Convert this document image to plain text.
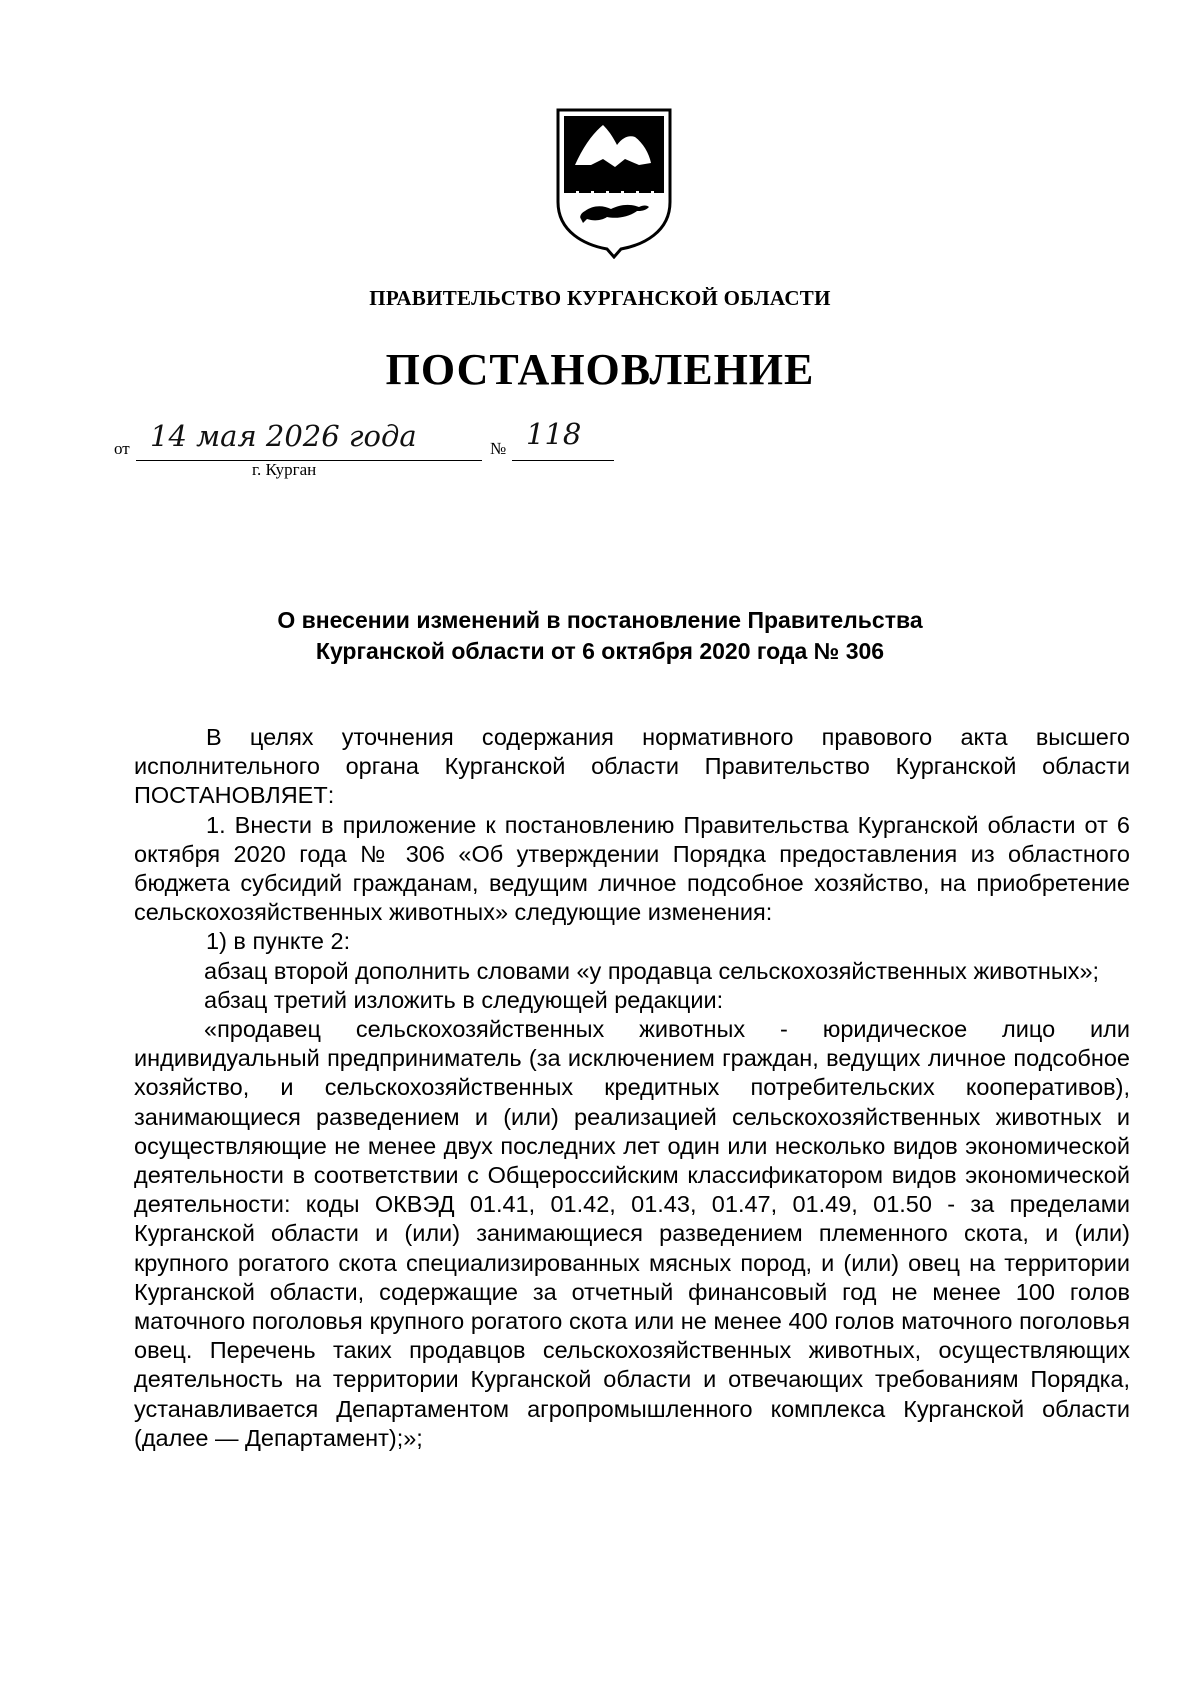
ПРАВИТЕЛЬСТВО КУРГАНСКОЙ ОБЛАСТИ
ПОСТАНОВЛЕНИЕ
от 14 мая 2026 года	№ 118
г. Курган
О внесении изменений в постановление Правительства
Курганской области от 6 октября 2020 года № 306

В целях уточнения содержания нормативного правового акта высшего исполнительного органа Курганской области Правительство Курганской области ПОСТАНОВЛЯЕТ:

1. Внести в приложение к постановлению Правительства Курганской области от 6 октября 2020 года № 306 «Об утверждении Порядка предоставления из областного бюджета субсидий гражданам, ведущим личное подсобное хозяйство, на приобретение сельскохозяйственных животных» следующие изменения:

1) в пункте 2:

абзац второй дополнить словами «у продавца сельскохозяйственных животных»;

абзац третий изложить в следующей редакции:

«продавец сельскохозяйственных животных - юридическое лицо или индивидуальный предприниматель (за исключением граждан, ведущих личное подсобное хозяйство, и сельскохозяйственных кредитных потребительских кооперативов), занимающиеся разведением и (или) реализацией сельскохозяйственных животных и осуществляющие не менее двух последних лет один или несколько видов экономической деятельности в соответствии с Общероссийским классификатором видов экономической деятельности: коды ОКВЭД 01.41, 01.42, 01.43, 01.47, 01.49, 01.50 - за пределами Курганской области и (или) занимающиеся разведением племенного скота, и (или) крупного рогатого скота специализированных мясных пород, и (или) овец на территории Курганской области, содержащие за отчетный финансовый год не менее 100 голов маточного поголовья крупного рогатого скота или не менее 400 голов маточного поголовья овец. Перечень таких продавцов сельскохозяйственных животных, осуществляющих деятельность на территории Курганской области и отвечающих требованиям Порядка, устанавливается Департаментом агропромышленного комплекса Курганской области (далее — Департамент);»;
